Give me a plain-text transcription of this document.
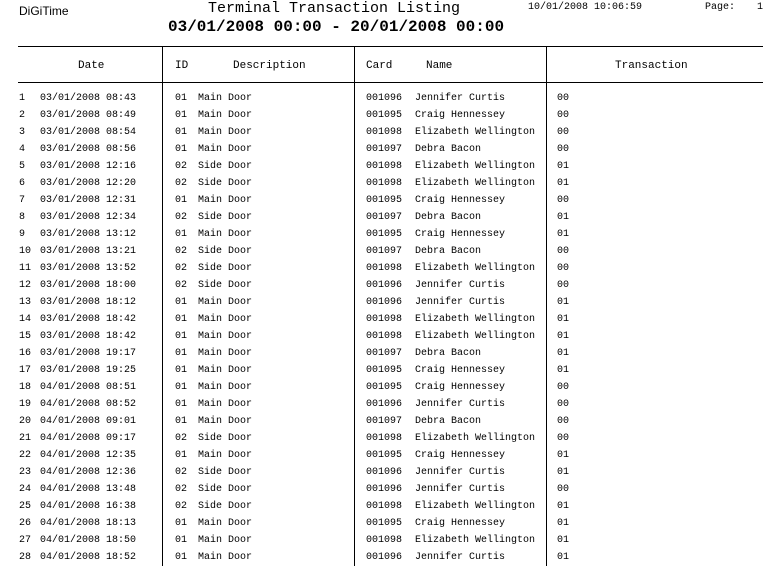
DiGiTime	Terminal Transaction Listing
03/01/2008 00:00 - 20/01/2008 00:00
10/01/2008 10:06:59	Page: 1
Date	ID	Description	Card	Name	Transaction
1	03/01/2008 08:43	01 Main Door	001096 Jennifer Curtis	00
2	03/01/2008 08:49	01 Main Door	001095 Craig Hennessey	00
3	03/01/2008 08:54	01 Main Door	001098 Elizabeth Wellington 00
4	03/01/2008 08:56	01 Main Door	001097 Debra Bacon	00
5	03/01/2008 12:16	02 Side Door	001098 Elizabeth Wellington 01
6	03/01/2008 12:20	02 Side Door	001098 Elizabeth Wellington 01
7	03/01/2008 12:31	01 Main Door	001095 Craig Hennessey	00
8	03/01/2008 12:34	02 Side Door	001097 Debra Bacon	01
9	03/01/2008 13:12	01 Main Door	001095 Craig Hennessey	01
10 03/01/2008 13:21	02 Side Door	001097 Debra Bacon	00
11 03/01/2008 13:52	02 Side Door	001098 Elizabeth Wellington 00
12 03/01/2008 18:00	02 Side Door	001096 Jennifer Curtis	00
13 03/01/2008 18:12	01 Main Door	001096 Jennifer Curtis	01
14 03/01/2008 18:42	01 Main Door	001098 Elizabeth Wellington 01
15 03/01/2008 18:42	01 Main Door	001098 Elizabeth Wellington 01
16 03/01/2008 19:17	01 Main Door	001097 Debra Bacon	01
17 03/01/2008 19:25	01 Main Door	001095 Craig Hennessey	01
18 04/01/2008 08:51	01 Main Door	001095 Craig Hennessey	00
19 04/01/2008 08:52	01 Main Door	001096 Jennifer Curtis	00
20 04/01/2008 09:01	01 Main Door	001097 Debra Bacon	00
21 04/01/2008 09:17	02 Side Door	001098 Elizabeth Wellington 00
22 04/01/2008 12:35	01 Main Door	001095 Craig Hennessey	01
23 04/01/2008 12:36	02 Side Door	001096 Jennifer Curtis	01
24 04/01/2008 13:48	02 Side Door	001096 Jennifer Curtis	00
25 04/01/2008 16:38	02 Side Door	001098 Elizabeth Wellington 01
26 04/01/2008 18:13	01 Main Door	001095 Craig Hennessey	01
27 04/01/2008 18:50	01 Main Door	001098 Elizabeth Wellington 01
28 04/01/2008 18:52	01 Main Door	001096 Jennifer Curtis	01
